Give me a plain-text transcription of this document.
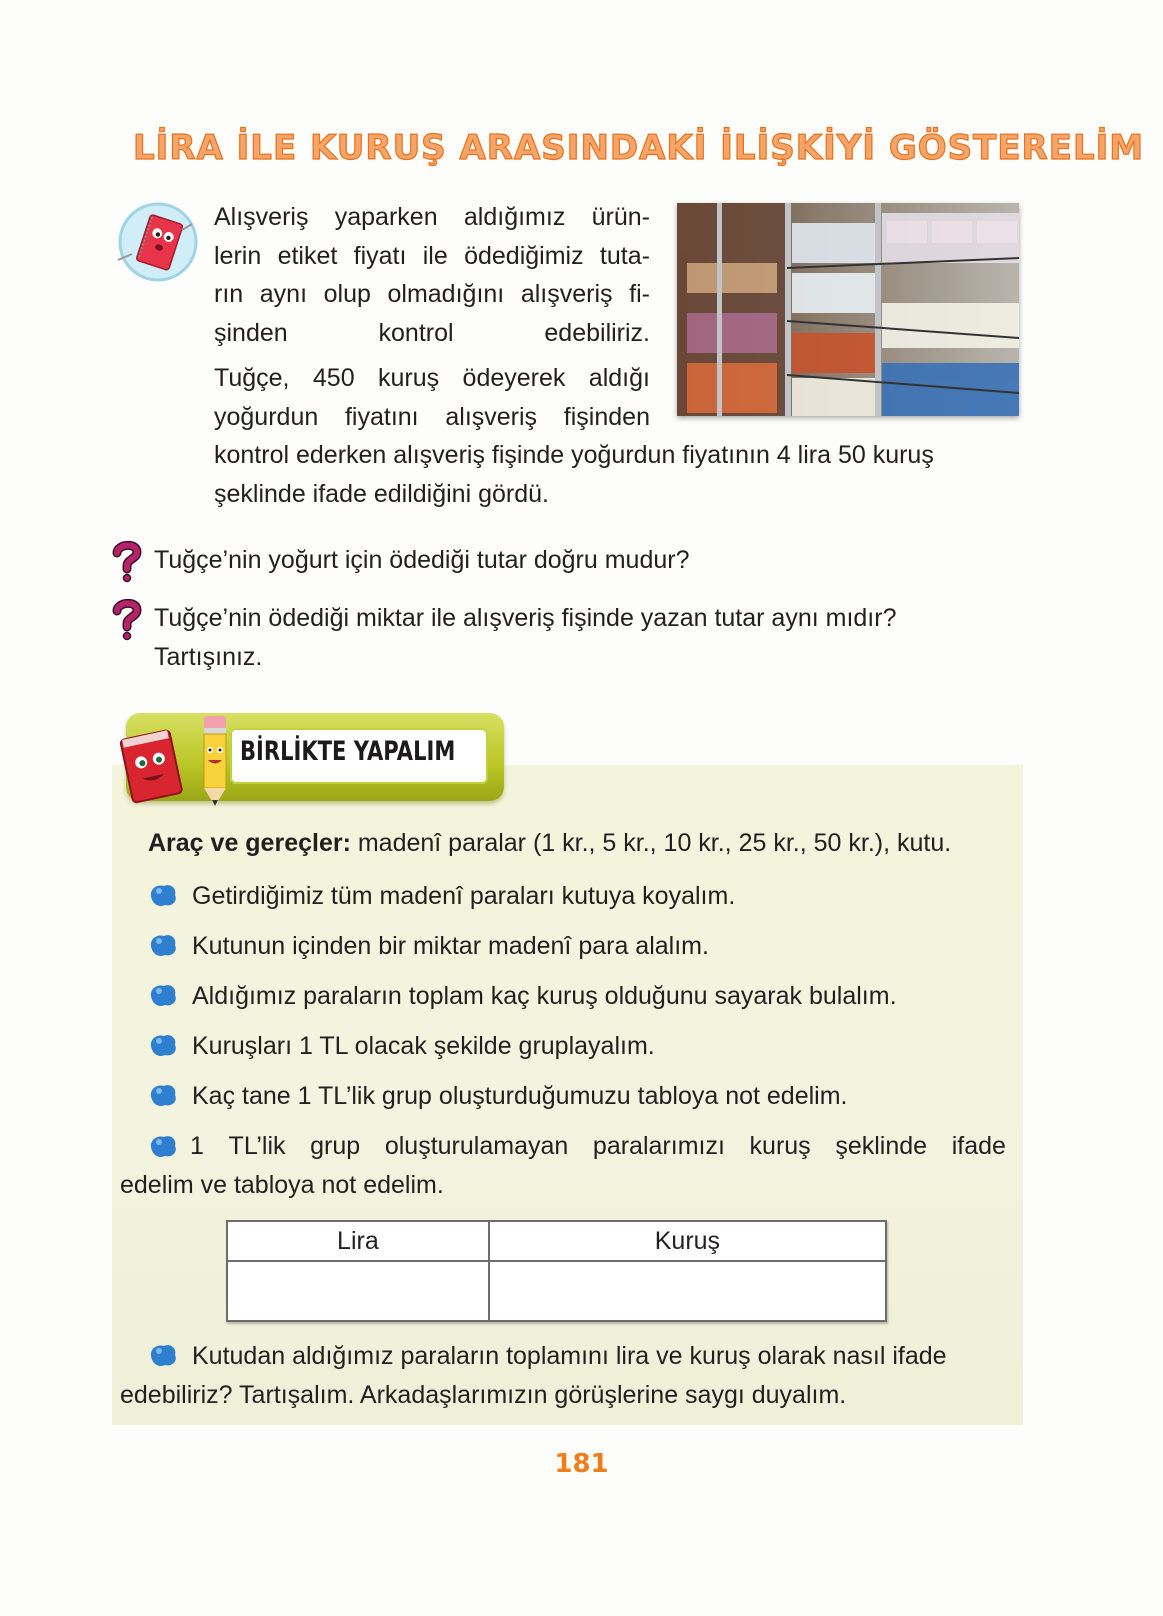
LİRA İLE KURUŞ ARASINDAKİ İLİŞKİYİ GÖSTERELİM
Alışveriş yaparken aldığımız ürün-
lerin etiket fiyatı ile ödediğimiz tuta-
rın aynı olup olmadığını alışveriş fi-
şinden kontrol edebiliriz.
Tuğçe, 450 kuruş ödeyerek aldığı
yoğurdun fiyatını alışveriş fişinden
kontrol ederken alışveriş fişinde yoğurdun fiyatının 4 lira 50 kuruş
şeklinde ifade edildiğini gördü.
Tuğçe’nin yoğurt için ödediği tutar doğru mudur?
Tuğçe’nin ödediği miktar ile alışveriş fişinde yazan tutar aynı mıdır?
Tartışınız.
BİRLİKTE YAPALIM
Araç ve gereçler: madenî paralar (1 kr., 5 kr., 10 kr., 25 kr., 50 kr.), kutu.
Getirdiğimiz tüm madenî paraları kutuya koyalım.
Kutunun içinden bir miktar madenî para alalım.
Aldığımız paraların toplam kaç kuruş olduğunu sayarak bulalım.
Kuruşları 1 TL olacak şekilde gruplayalım.
Kaç tane 1 TL’lik grup oluşturduğumuzu tabloya not edelim.
1 TL’lik grup oluşturulamayan paralarımızı kuruş şeklinde ifade
edelim ve tabloya not edelim.
Lira	Kuruş

Kutudan aldığımız paraların toplamını lira ve kuruş olarak nasıl ifade
edebiliriz? Tartışalım. Arkadaşlarımızın görüşlerine saygı duyalım.
181
